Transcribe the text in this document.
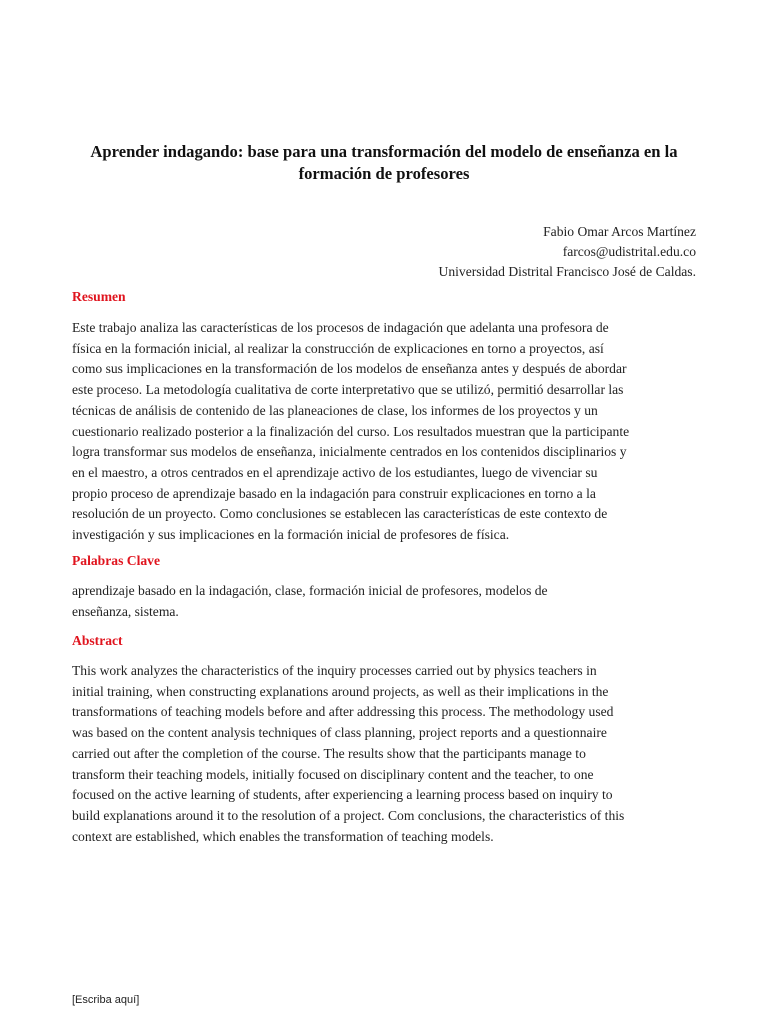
Aprender indagando: base para una transformación del modelo de enseñanza en la
formación de profesores
Fabio Omar Arcos Martínez
farcos@udistrital.edu.co
Universidad Distrital Francisco José de Caldas.
Resumen
Este trabajo analiza las características de los procesos de indagación que adelanta una profesora de
física en la formación inicial, al realizar la construcción de explicaciones en torno a proyectos, así
como sus implicaciones en la transformación de los modelos de enseñanza antes y después de abordar
este proceso. La metodología cualitativa de corte interpretativo que se utilizó, permitió desarrollar las
técnicas de análisis de contenido de las planeaciones de clase, los informes de los proyectos y un
cuestionario realizado posterior a la finalización del curso. Los resultados muestran que la participante
logra transformar sus modelos de enseñanza, inicialmente centrados en los contenidos disciplinarios y
en el maestro, a otros centrados en el aprendizaje activo de los estudiantes, luego de vivenciar su
propio proceso de aprendizaje basado en la indagación para construir explicaciones en torno a la
resolución de un proyecto. Como conclusiones se establecen las características de este contexto de
investigación y sus implicaciones en la formación inicial de profesores de física.
Palabras Clave
aprendizaje basado en la indagación, clase, formación inicial de profesores, modelos de
enseñanza, sistema.
Abstract
This work analyzes the characteristics of the inquiry processes carried out by physics teachers in
initial training, when constructing explanations around projects, as well as their implications in the
transformations of teaching models before and after addressing this process. The methodology used
was based on the content analysis techniques of class planning, project reports and a questionnaire
carried out after the completion of the course. The results show that the participants manage to
transform their teaching models, initially focused on disciplinary content and the teacher, to one
focused on the active learning of students, after experiencing a learning process based on inquiry to
build explanations around it to the resolution of a project. Com conclusions, the characteristics of this
context are established, which enables the transformation of teaching models.
[Escriba aquí]
